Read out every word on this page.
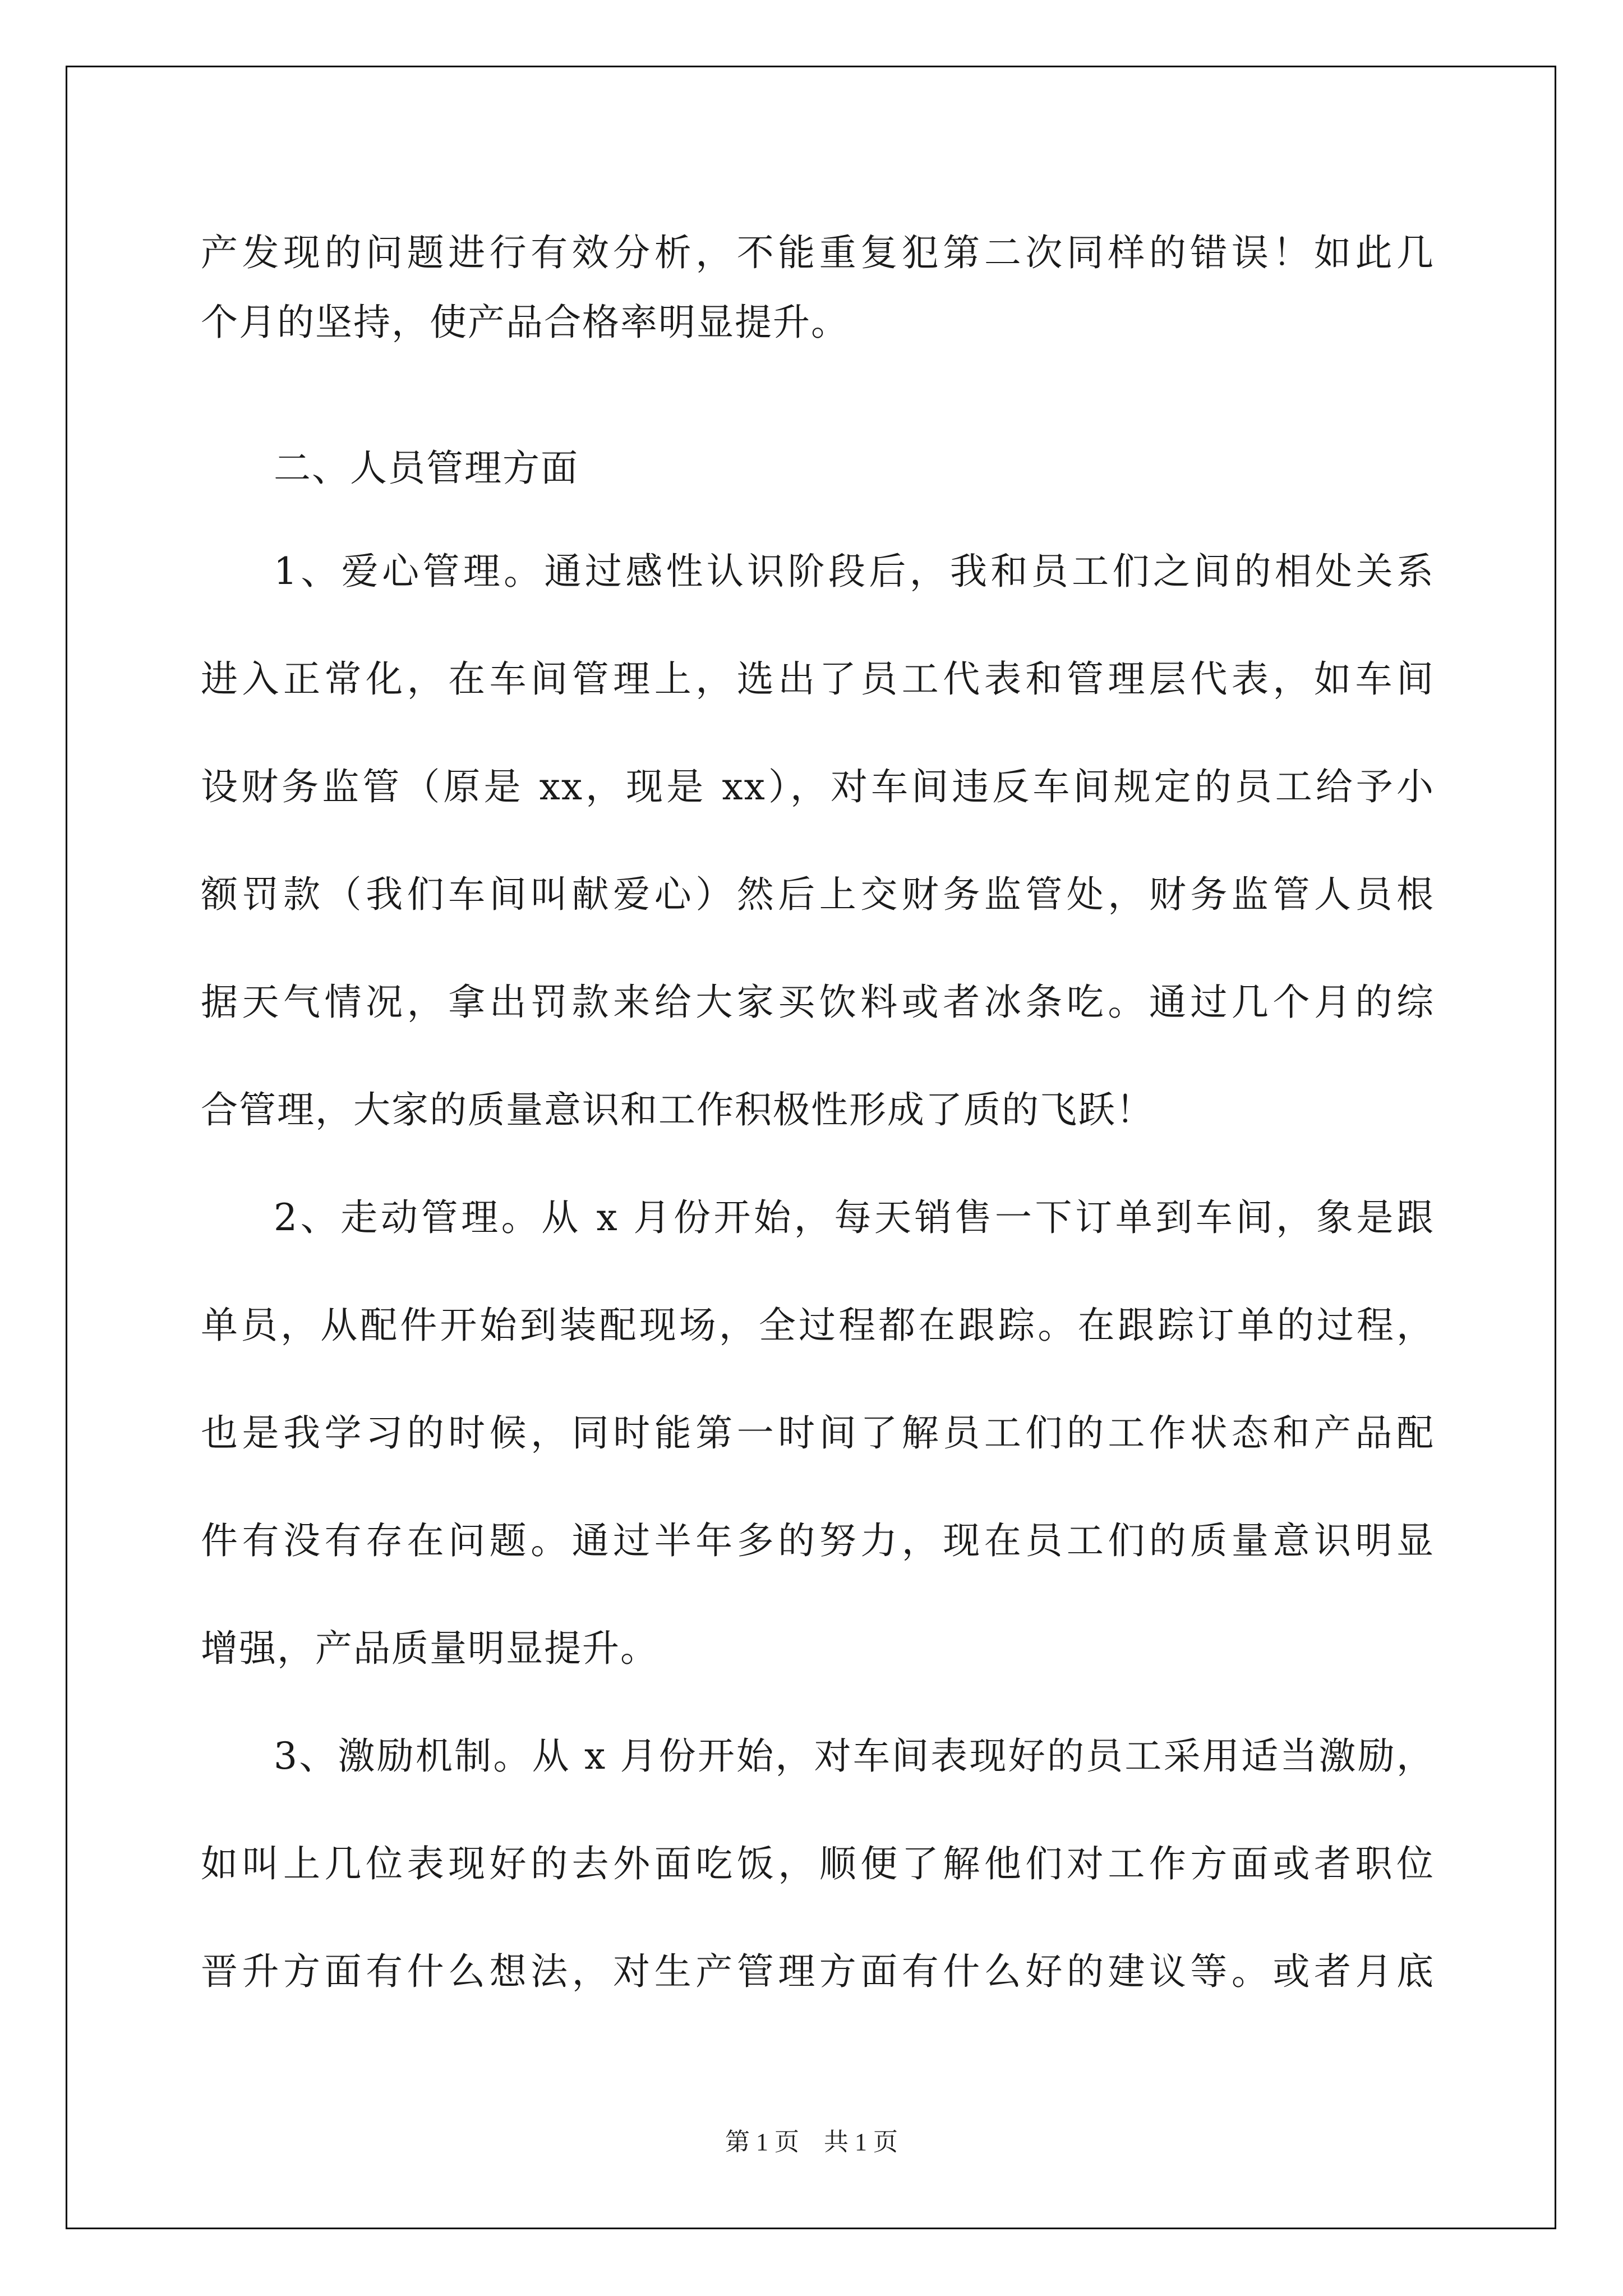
产发现的问题进行有效分析，不能重复犯第二次同样的错误！如此几
个月的坚持，使产品合格率明显提升。
二、人员管理方面
1、爱心管理。通过感性认识阶段后，我和员工们之间的相处关系
进入正常化，在车间管理上，选出了员工代表和管理层代表，如车间
设财务监管（原是 xx，现是 xx），对车间违反车间规定的员工给予小
额罚款（我们车间叫献爱心）然后上交财务监管处，财务监管人员根
据天气情况，拿出罚款来给大家买饮料或者冰条吃。通过几个月的综
合管理，大家的质量意识和工作积极性形成了质的飞跃！
2、走动管理。从 x 月份开始，每天销售一下订单到车间，象是跟
单员，从配件开始到装配现场，全过程都在跟踪。在跟踪订单的过程，
也是我学习的时候，同时能第一时间了解员工们的工作状态和产品配
件有没有存在问题。通过半年多的努力，现在员工们的质量意识明显
增强，产品质量明显提升。
3、激励机制。从 x 月份开始，对车间表现好的员工采用适当激励，
如叫上几位表现好的去外面吃饭，顺便了解他们对工作方面或者职位
晋升方面有什么想法，对生产管理方面有什么好的建议等。或者月底
第 1 页　共 1 页
